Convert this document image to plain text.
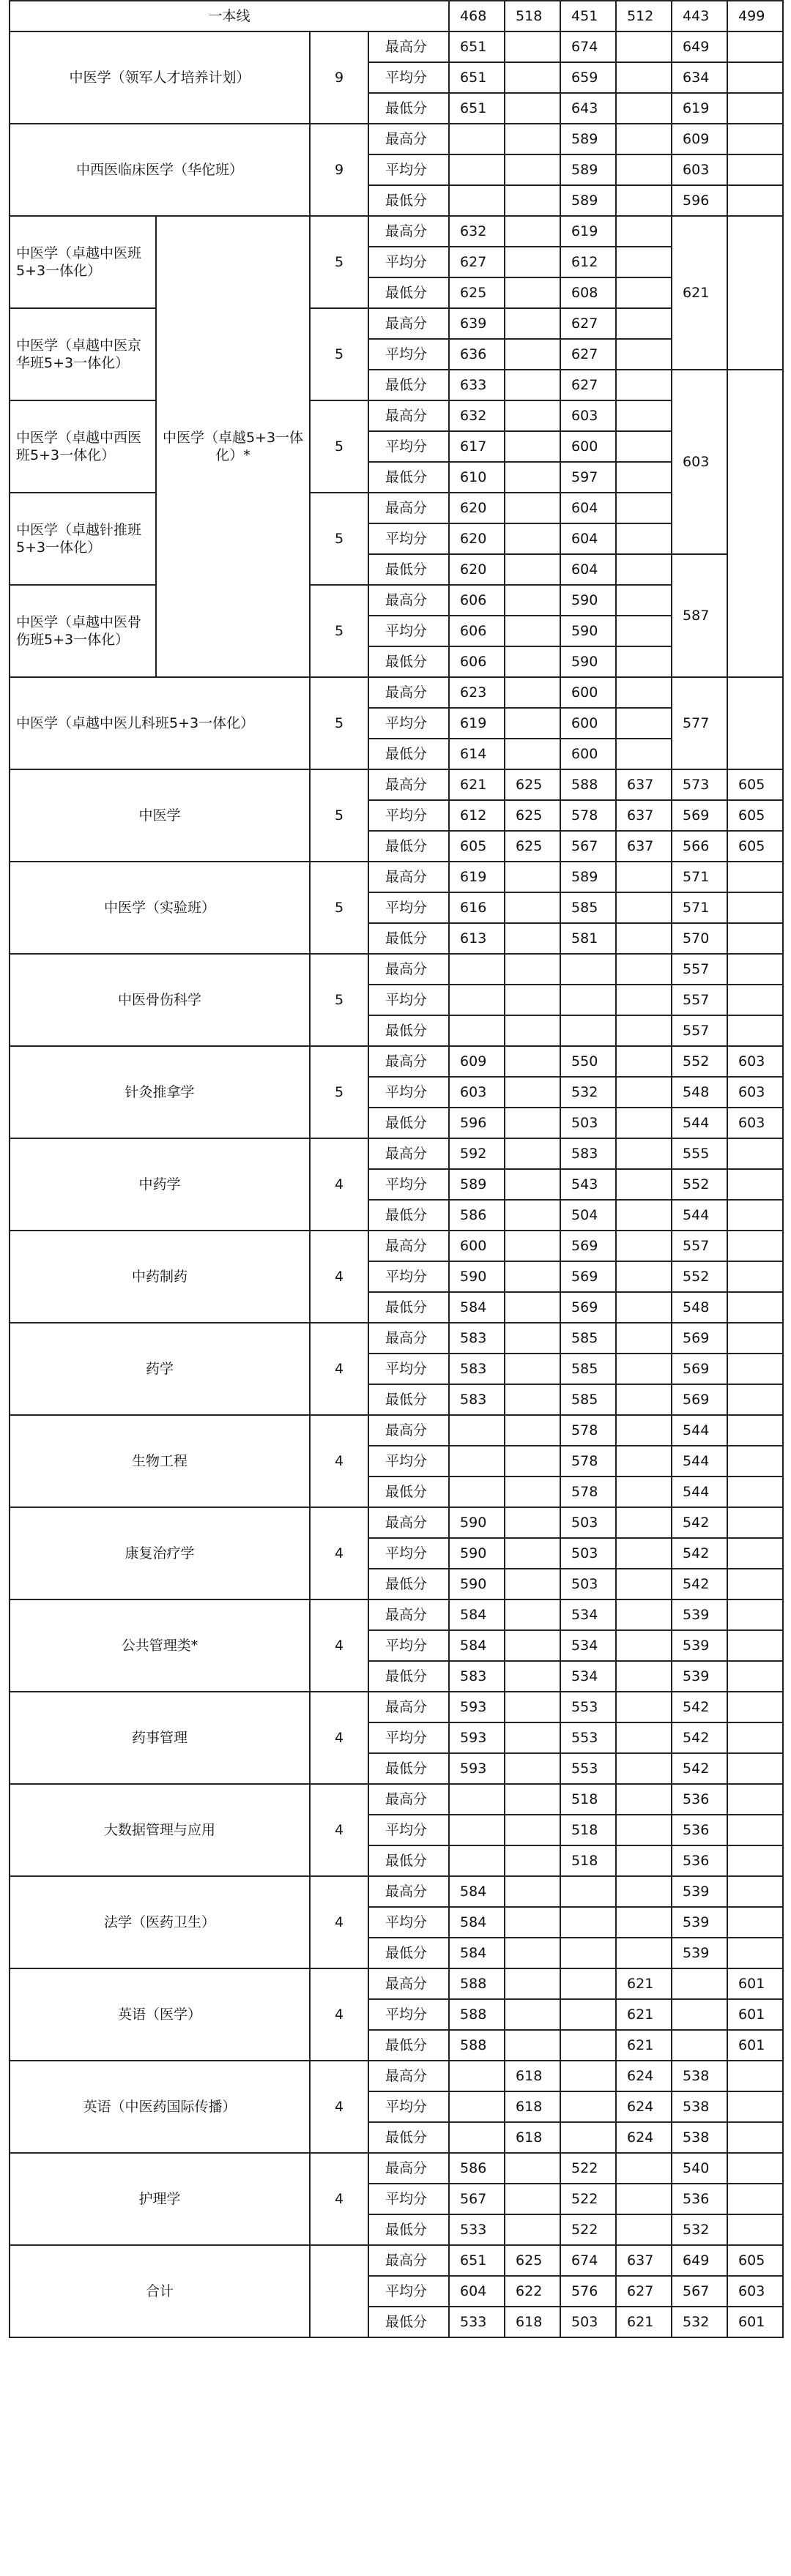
一本线				468	518	451	512	443	499
中医学（领军人才培养计划）		9	最高分	651		674		649	
			平均分	651		659		634	
			最低分	651		643		619	
中西医临床医学（华佗班）		9	最高分			589		609	
			平均分			589		603	
			最低分			589		596	
中医学（卓越中医班5+3一体化）	中医学（卓越5+3一体化）*	5	最高分	632		619		621	
			平均分	627		612			
			最低分	625		608			
中医学（卓越中医京华班5+3一体化）		5	最高分	639		627			
			平均分	636		627			
			最低分	633		627		603	
中医学（卓越中西医班5+3一体化）		5	最高分	632		603			
			平均分	617		600			
			最低分	610		597			
中医学（卓越针推班5+3一体化）		5	最高分	620		604			
			平均分	620		604			
			最低分	620		604		587	
中医学（卓越中医骨伤班5+3一体化）		5	最高分	606		590			
			平均分	606		590			
			最低分	606		590			
中医学（卓越中医儿科班5+3一体化）		5	最高分	623		600		577	
			平均分	619		600			
			最低分	614		600			
中医学		5	最高分	621	625	588	637	573	605
			平均分	612	625	578	637	569	605
			最低分	605	625	567	637	566	605
中医学（实验班）		5	最高分	619		589		571	
			平均分	616		585		571	
			最低分	613		581		570	
中医骨伤科学		5	最高分					557	
			平均分					557	
			最低分					557	
针灸推拿学		5	最高分	609		550		552	603
			平均分	603		532		548	603
			最低分	596		503		544	603
中药学		4	最高分	592		583		555	
			平均分	589		543		552	
			最低分	586		504		544	
中药制药		4	最高分	600		569		557	
			平均分	590		569		552	
			最低分	584		569		548	
药学		4	最高分	583		585		569	
			平均分	583		585		569	
			最低分	583		585		569	
生物工程		4	最高分			578		544	
			平均分			578		544	
			最低分			578		544	
康复治疗学		4	最高分	590		503		542	
			平均分	590		503		542	
			最低分	590		503		542	
公共管理类*		4	最高分	584		534		539	
			平均分	584		534		539	
			最低分	583		534		539	
药事管理		4	最高分	593		553		542	
			平均分	593		553		542	
			最低分	593		553		542	
大数据管理与应用		4	最高分			518		536	
			平均分			518		536	
			最低分			518		536	
法学（医药卫生）		4	最高分	584				539	
			平均分	584				539	
			最低分	584				539	
英语（医学）		4	最高分	588			621		601
			平均分	588			621		601
			最低分	588			621		601
英语（中医药国际传播）		4	最高分		618		624	538	
			平均分		618		624	538	
			最低分		618		624	538	
护理学		4	最高分	586		522		540	
			平均分	567		522		536	
			最低分	533		522		532	
合计			最高分	651	625	674	637	649	605
			平均分	604	622	576	627	567	603
			最低分	533	618	503	621	532	601
